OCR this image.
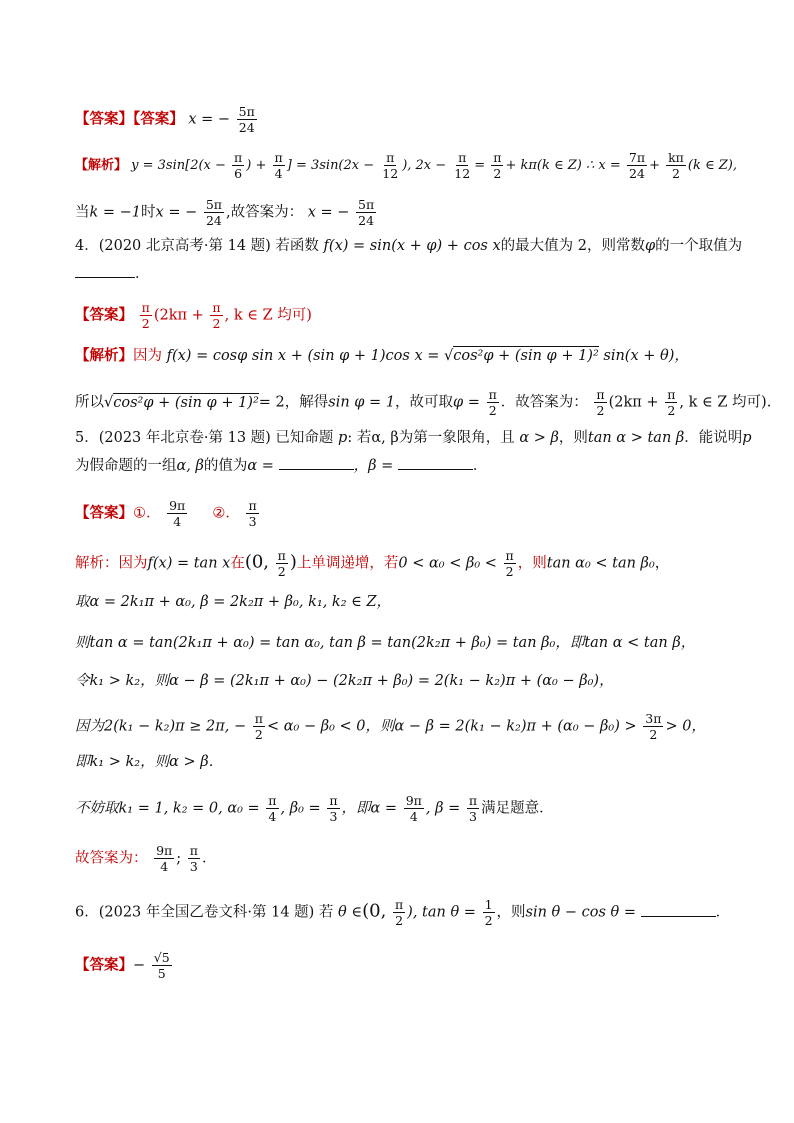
【答案】【答案】 x = − $\frac{5\pi}{24}$
【解析】 $y = 3\sin[2(x - \frac{\pi}{6}$ ) + $\frac{\pi}{4}$ ] = $3\sin(2x - \frac{\pi}{12}$ ), $2x - \frac{\pi}{12} = \frac{\pi}{2} + k\pi(k$ ∈ Z) ∴ $x = \frac{7\pi}{24} + \frac{k\pi}{2} (k$ ∈ Z),
当k = −1时x = − $\frac{5\pi}{24}$ ,故答案为： x = − $\frac{5\pi}{24}$
4．(2020 北京高考·第 14 题) 若函数 f(x) = sin(x + φ) + cos x的最大值为 2，则常数φ的一个取值为
．
【答案】 $\frac{\pi}{2} (2k\pi + \frac{\pi}{2}$ , k ∈ Z 均可)
【解析】因为 f(x) = cosφ sin x + (sin φ + 1)cos x = √cos²φ + (sin φ + 1)² sin(x + θ)，
所以√cos²φ + (sin φ + 1)²= 2，解得sin φ = 1，故可取$\varphi = \frac{\pi}{2}$ ．故答案为： $\frac{\pi}{2} (2k\pi + \frac{\pi}{2}$ , k ∈ Z 均可).
5．(2023 年北京卷·第 13 题) 已知命题 p: 若α, β为第一象限角，且 α > β，则tan α > tan β．能说明p
为假命题的一组α, β的值为α =	，β =	．
【答案】①． $\frac{9\pi}{4}$ ②． $\frac{\pi}{3}$
解析：因为f(x) = tan x在(0, $\frac{\pi}{2}$ )上单调递增，若$0 < \alpha_0 < \beta_0 < \frac{\pi}{2}$ ，则tan α₀ < tan β₀，
取α = 2k₁π + α₀, β = 2k₂π + β₀, k₁, k₂ ∈ Z，
则tan α = tan(2k₁π + α₀) = tan α₀, tan β = tan(2k₂π + β₀) = tan β₀，即tan α < tan β，
令k₁ > k₂，则α − β = (2k₁π + α₀) − (2k₂π + β₀) = 2(k₁ − k₂)π + (α₀ − β₀)，
因为2(k₁ − k₂)π ≥ 2π, − $\frac{\pi}{2} < \alpha_0 - \beta_0 < 0$，则$\alpha - \beta = 2(k_1 - k_2)\pi + (\alpha_0 - \beta_0) > \frac{3\pi}{2} > 0$，
即k₁ > k₂，则α > β．
不妨取k₁ = 1, k₂ = 0, $\alpha_0 = \frac{\pi}{4}$ , $\beta_0 = \frac{\pi}{3}$ ，即$\alpha = \frac{9\pi}{4}$ , $\beta = \frac{\pi}{3}$ 满足题意．
故答案为： $\frac{9\pi}{4}$ ; $\frac{\pi}{3}$ ．
6．(2023 年全国乙卷文科·第 14 题) 若 θ ∈(0, $\frac{\pi}{2}$ ), $\tan \theta = \frac{1}{2}$ ，则sin θ − cos θ =	．
【答案】− $\frac{√5}{5}$
